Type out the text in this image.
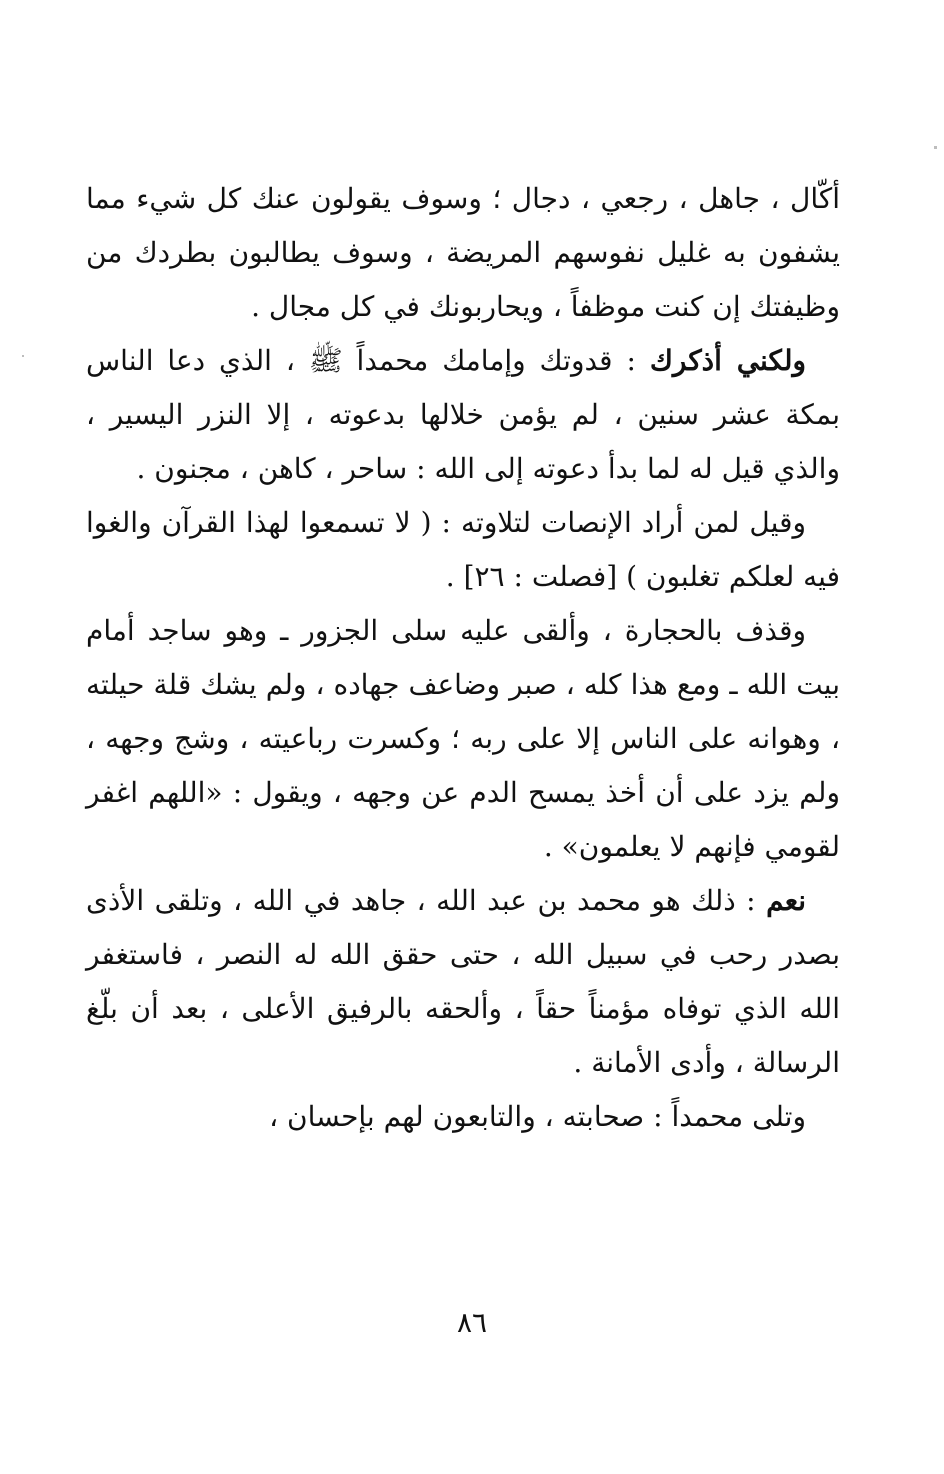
أكّال ، جاهل ، رجعي ، دجال ؛ وسوف يقولون عنك كل شيء مما يشفون به غليل نفوسهم المريضة ، وسوف يطالبون بطردك من وظيفتك إن كنت موظفاً ، ويحاربونك في كل مجال .

ولكني أذكرك : قدوتك وإمامك محمداً ﷺ ، الذي دعا الناس بمكة عشر سنين ، لم يؤمن خلالها بدعوته ، إلا النزر اليسير ، والذي قيل له لما بدأ دعوته إلى الله : ساحر ، كاهن ، مجنون .

وقيل لمن أراد الإنصات لتلاوته : ( لا تسمعوا لهذا القرآن والغوا فيه لعلكم تغلبون ) [فصلت : ٢٦] .

وقذف بالحجارة ، وألقى عليه سلى الجزور ـ وهو ساجد أمام بيت الله ـ ومع هذا كله ، صبر وضاعف جهاده ، ولم يشك قلة حيلته ، وهوانه على الناس إلا على ربه ؛ وكسرت رباعيته ، وشج وجهه ، ولم يزد على أن أخذ يمسح الدم عن وجهه ، ويقول : «اللهم اغفر لقومي فإنهم لا يعلمون» .

نعم : ذلك هو محمد بن عبد الله ، جاهد في الله ، وتلقى الأذى بصدر رحب في سبيل الله ، حتى حقق الله له النصر ، فاستغفر الله الذي توفاه مؤمناً حقاً ، وألحقه بالرفيق الأعلى ، بعد أن بلّغ الرسالة ، وأدى الأمانة .

وتلى محمداً : صحابته ، والتابعون لهم بإحسان ،

٨٦
